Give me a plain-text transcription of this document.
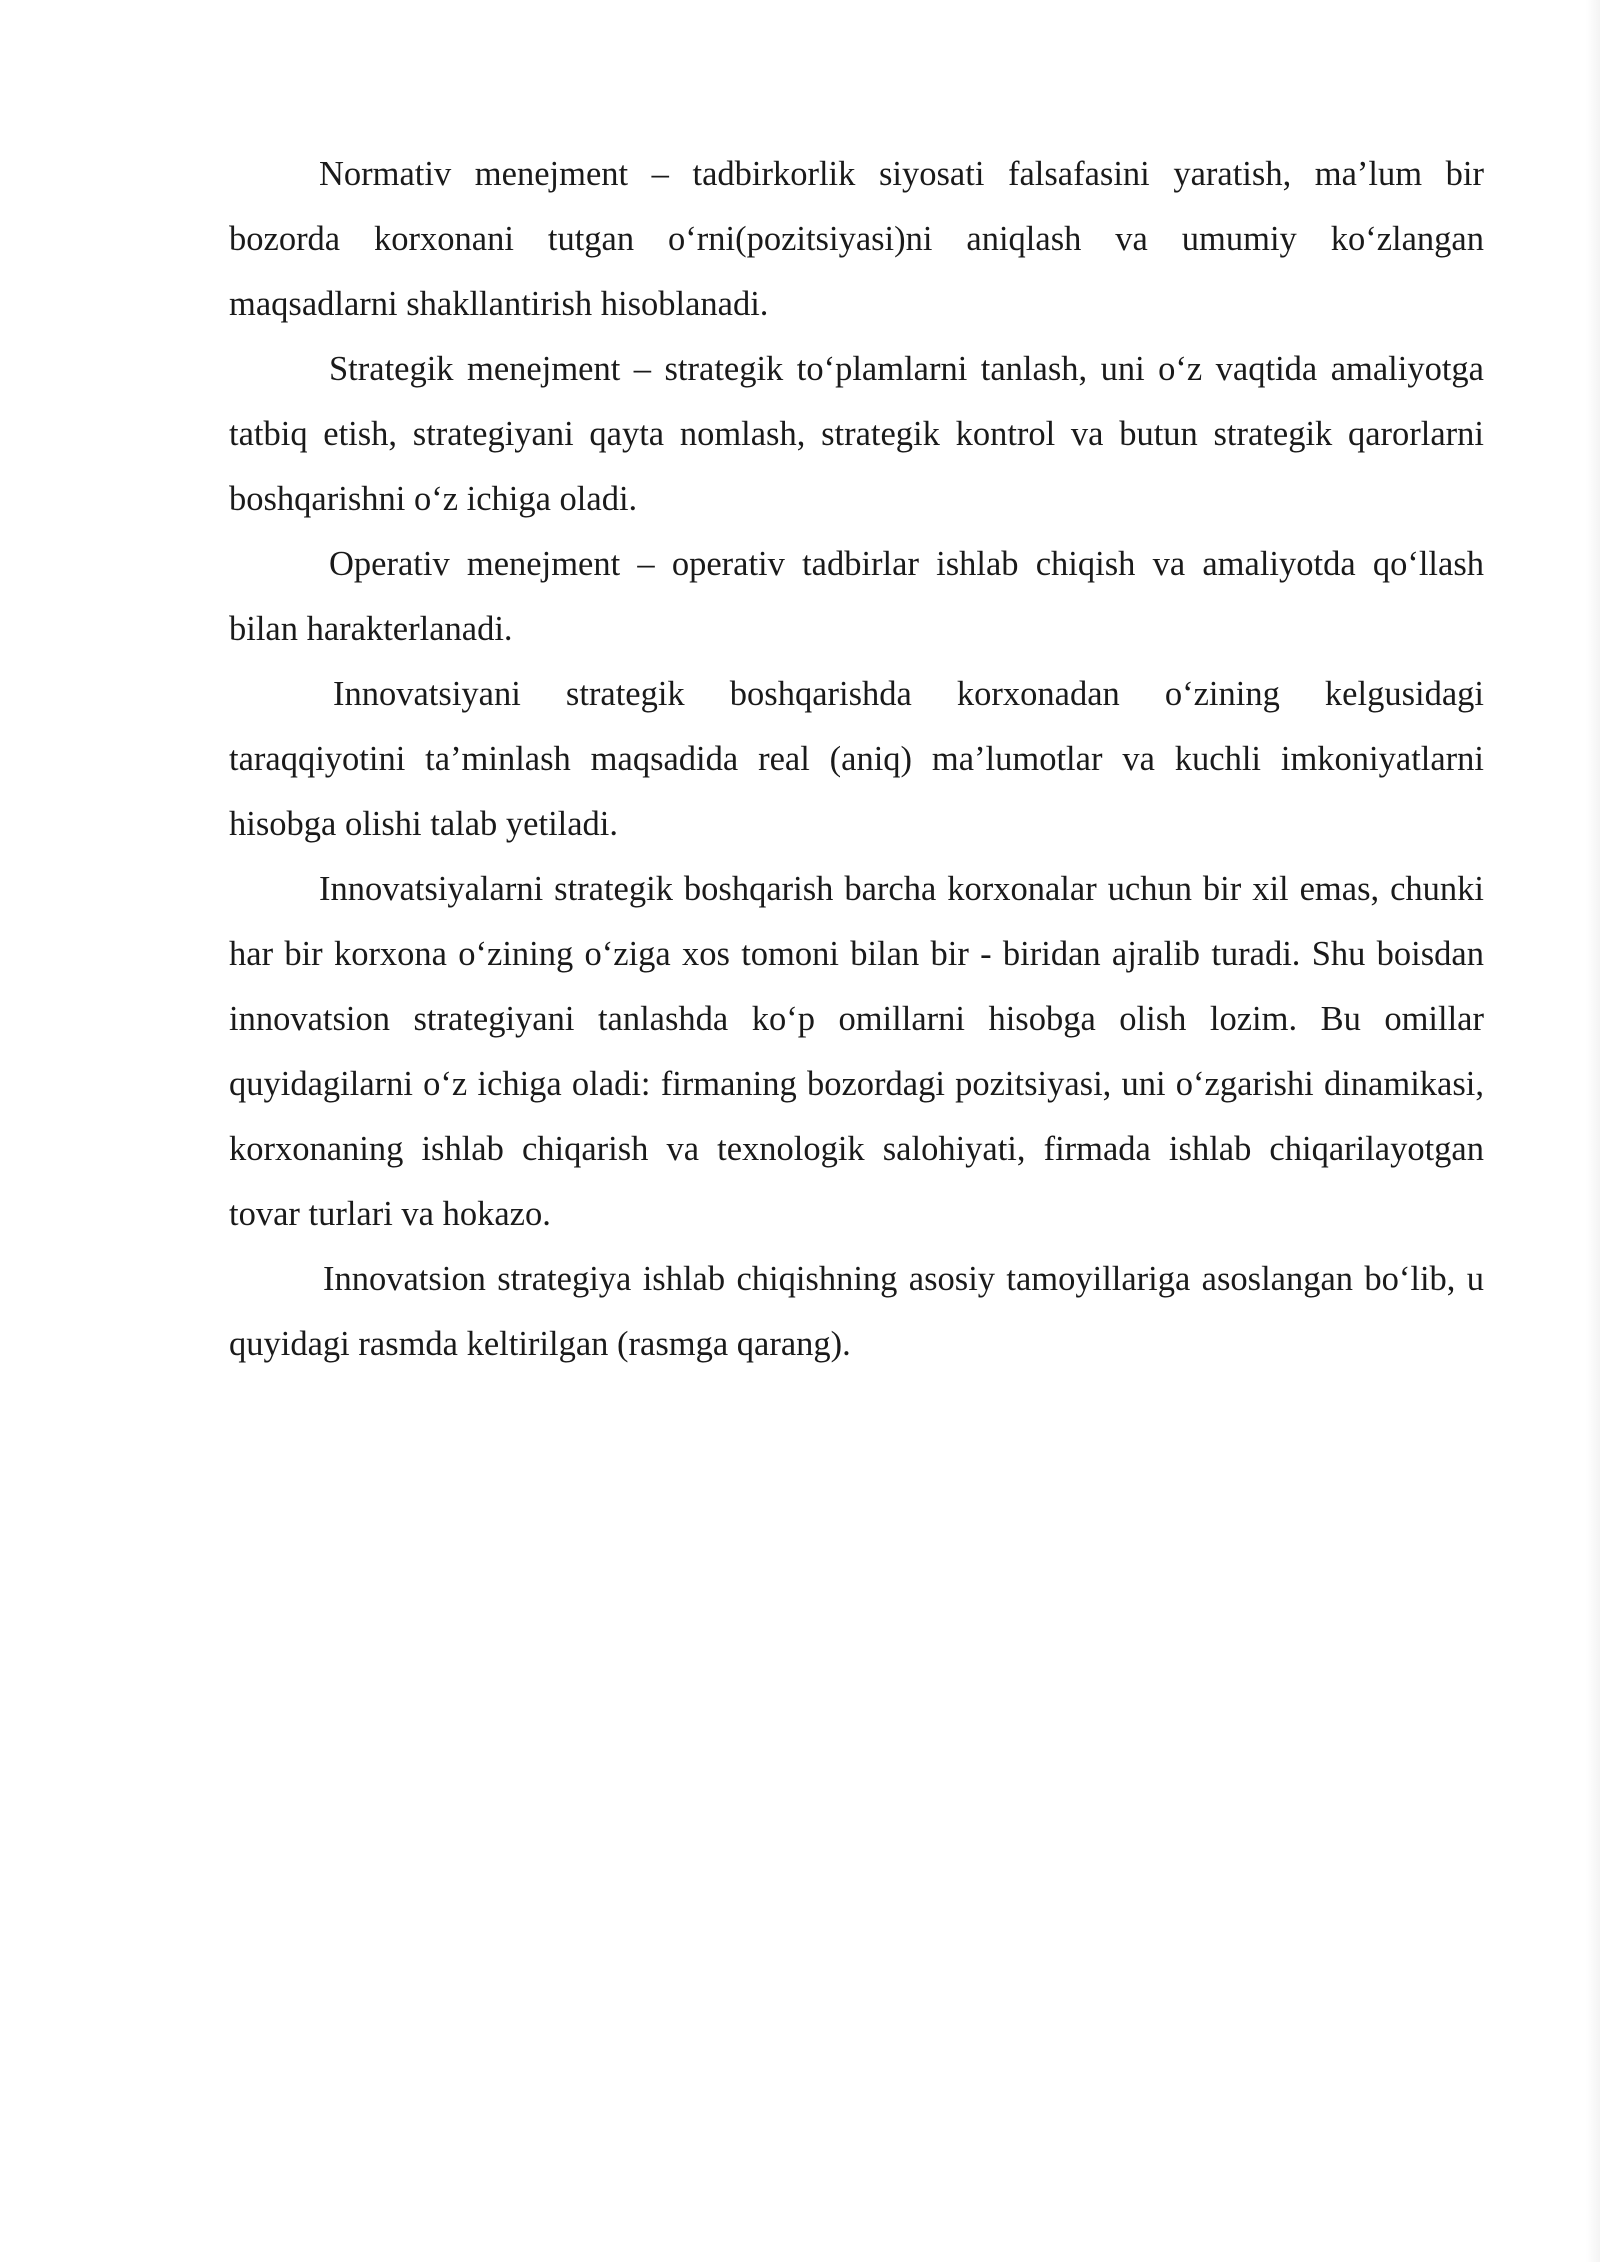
Normativ menejment – tadbirkorlik siyosati falsafasini yaratish, ma’lum bir bozorda korxonani tutgan o‘rni(pozitsiyasi)ni aniqlash va umumiy ko‘zlangan maqsadlarni shakllantirish hisoblanadi.

Strategik menejment – strategik to‘plamlarni tanlash, uni o‘z vaqtida amaliyotga tatbiq etish, strategiyani qayta nomlash, strategik kontrol va butun strategik qarorlarni boshqarishni o‘z ichiga oladi.

Operativ menejment – operativ tadbirlar ishlab chiqish va amaliyotda qo‘llash bilan harakterlanadi.

Innovatsiyani strategik boshqarishda korxonadan o‘zining kelgusidagi taraqqiyotini ta’minlash maqsadida real (aniq) ma’lumotlar va kuchli imkoniyatlarni hisobga olishi talab yetiladi.

Innovatsiyalarni strategik boshqarish barcha korxonalar uchun bir xil emas, chunki har bir korxona o‘zining o‘ziga xos tomoni bilan bir - biridan ajralib turadi. Shu boisdan innovatsion strategiyani tanlashda ko‘p omillarni hisobga olish lozim. Bu omillar quyidagilarni o‘z ichiga oladi: firmaning bozordagi pozitsiyasi, uni o‘zgarishi dinamikasi, korxonaning ishlab chiqarish va texnologik salohiyati, firmada ishlab chiqarilayotgan tovar turlari va hokazo.

Innovatsion strategiya ishlab chiqishning asosiy tamoyillariga asoslangan bo‘lib, u quyidagi rasmda keltirilgan (rasmga qarang).
